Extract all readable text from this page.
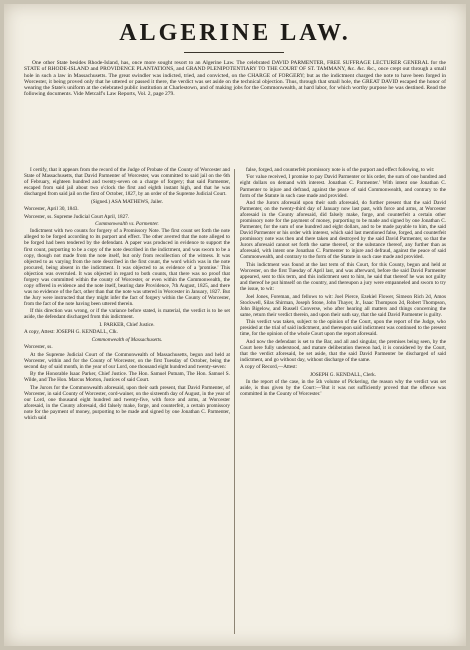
ALGERINE LAW.
One other State besides Rhode-Island, has, once more sought resort to an Algerine Law. The celebrated DAVID PARMENTER, FREE SUFFRAGE LECTURER GENERAL for the STATE of RHODE-ISLAND and PROVIDENCE PLANTATIONS, and GRAND PLENIPOTENTIARY TO THE COURT OF ST. TAMMANY, &c. &c. &c., once crept out through a small hole in such a law in Massachusetts. The great swindler was indicted, tried, and convicted, on the CHARGE of FORGERY; but as the indictment charged the note to have been forged in Worcester, it being proved only that he uttered or passed it there, the verdict was set aside on the technical objection. Thus, through that small hole, the GREAT DAVID escaped the honor of wearing the State's uniform at the celebrated public institution at Charlestown, and of making jobs for the Commonwealth, at hard labor, for which worthy purpose he was destined. Read the following documents. Vide Metcalf's Law Reports, Vol. 2, page 279.

I certify, that it appears from the record of the Judge of Probate of the County of Worcester and State of Massachusetts, that David Parmenter of Worcester, was committed to said jail on the 6th of February, eighteen hundred and twenty-seven on a charge of forgery; that said Parmenter, escaped from said jail about two o'clock the first and eighth instant high, and that he was discharged from said jail on the first of October, 1827, by an order of the Supreme Judicial Court.

(Signed.) ASA MATHEWS, Jailer.

Worcester, April 30, 1843.

Worcester, ss. Supreme Judicial Court April, 1827.

Commonwealth vs. Parmenter.

Indictment with two counts for forgery of a Promissory Note. The first count set forth the note alleged to be forged according to its purport and effect. The other averred that the note alleged to be forged had been tendered by the defendant. A paper was produced in evidence to support the first count, purporting to be a copy of the note described in the indictment, and was sworn to be a copy, though not made from the note itself, but only from recollection of the witness. It was objected to as varying from the note described in the first count, the word which was in the note procured, being absent in the indictment. It was objected to as evidence of a 'promise.' This objection was overruled. It was objected in regard to both counts, that there was no proof that forgery was committed within the county of Worcester, or even within the Commonwealth, the copy offered in evidence and the note itself, bearing date Providence, 7th August, 1825, and there was no evidence of the fact, other than that the note was uttered in Worcester in January, 1827. But the Jury were instructed that they might infer the fact of forgery within the County of Worcester, from the fact of the note having been uttered therein.

If this direction was wrong, or if the variance before stated, is material, the verdict is to be set aside, the defendant discharged from this indictment.

I. PARKER, Chief Justice.

A copy, Attest: JOSEPH G. KENDALL, Clk.

Commonwealth of Massachusetts.

Worcester, ss.

At the Supreme Judicial Court of the Commonwealth of Massachusetts, begun and held at Worcester, within and for the County of Worcester, on the first Tuesday of October, being the second day of said month, in the year of our Lord, one thousand eight hundred and twenty-seven:

By the Honorable Isaac Parker, Chief Justice. The Hon. Samuel Putnam, The Hon. Samuel S. Wilde, and The Hon. Marcus Morton, Justices of said Court.

The Jurors for the Commonwealth aforesaid, upon their oath present, that David Parmenter, of Worcester, in said County of Worcester, cord-wainer, on the sixteenth day of August, in the year of our Lord, one thousand eight hundred and twenty-five, with force and arms, at Worcester aforesaid, in the County aforesaid, did falsely make, forge, and counterfeit, a certain promissory note for the payment of money, purporting to be made and signed by one Jonathan C. Parmenter, which said

false, forged, and counterfeit promissory note is of the purport and effect following, to wit:

'For value received, I promise to pay David Parmenter or his order, the sum of one hundred and eight dollars on demand with interest. Jonathan C. Parmenter.' With intent one Jonathan C. Parmenter to injure and defraud, against the peace of said Commonwealth, and contrary to the form of the Statute in such case made and provided.

And the Jurors aforesaid upon their oath aforesaid, do further present that the said David Parmenter, on the twenty-third day of January now last past, with force and arms, at Worcester aforesaid in the County aforesaid, did falsely make, forge, and counterfeit a certain other promissory note for the payment of money, purporting to be made and signed by one Jonathan C. Parmenter, for the sum of one hundred and eight dollars, and to be made payable to him, the said David Parmenter or his order with interest, which said last mentioned false, forged, and counterfeit promissory note was then and there taken and destroyed by the said David Parmenter, so that the Jurors aforesaid cannot set forth the same thereof, or the substance thereof, any further than as aforesaid, with intent one Jonathan C. Parmenter to injure and defraud, against the peace of said Commonwealth, and contrary to the form of the Statute in such case made and provided.

This indictment was found at the last term of this Court, for this County, begun and held at Worcester, on the first Tuesday of April last, and was afterward, before the said David Parmenter appeared, sent to this term, and this indictment sent to him, he said that thereof he was not guilty and thereof he put himself on the country, and thereupon a jury were empanneled and sworn to try the issue, to wit:

Joel Jones, Foreman, and fellows to wit: Joel Pierce, Ezekiel Flower, Simeon Rich 2d, Amos Stockwell, Silas Shirman, Joseph Stone, John Thayer, Jr., Isaac Thompson 2d, Robert Thompson, John Bigelow, and Russell Converse, who after hearing all matters and things concerning the same, return their verdict therein, and upon their oath say, that the said David Parmenter is guilty.

This verdict was taken, subject to the opinion of the Court, upon the report of the Judge, who presided at the trial of said indictment, and thereupon said indictment was continued to the present time, for the opinion of the whole Court upon the report aforesaid.

And now the defendant is set to the Bar, and all and singular, the premises being seen, by the Court here fully understood, and mature deliberation thereon had, it is considered by the Court, that the verdict aforesaid, be set aside, that the said David Parmenter be discharged of said indictment, and go without day, without discharge of the same.

A copy of Record,—Attest:

JOSEPH G. KENDALL, Clerk.

In the report of the case, in the 5th volume of Pickering, the reason why the verdict was set aside, is thus given by the Court:—'But it was not sufficiently proved that the offence was committed in the County of Worcester.'
